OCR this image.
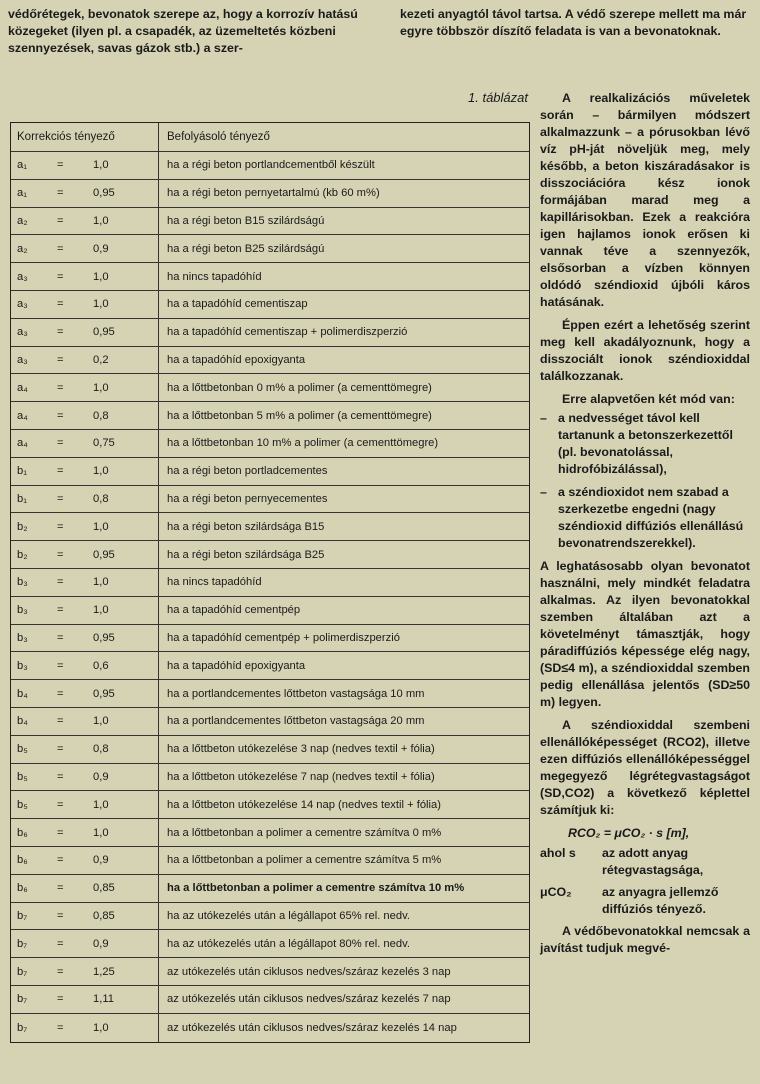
védőrétegek, bevonatok szerepe az, hogy a korrozív hatású közegeket (ilyen pl. a csapadék, az üzemeltetés közbeni szennyezések, savas gázok stb.) a szer-
kezeti anyagtól távol tartsa. A védő szerepe mellett ma már egyre többször díszítő feladata is van a bevonatoknak.
1. táblázat
Korrekciós tényező	Befolyásoló tényező
a₁	=	1,0	ha a régi beton portlandcementből készült
a₁	=	0,95	ha a régi beton pernyetartalmú (kb 60 m%)
a₂	=	1,0	ha a régi beton B15 szilárdságú
a₂	=	0,9	ha a régi beton B25 szilárdságú
a₃	=	1,0	ha nincs tapadóhíd
a₃	=	1,0	ha a tapadóhíd cementiszap
a₃	=	0,95	ha a tapadóhíd cementiszap + polimerdiszperzió
a₃	=	0,2	ha a tapadóhíd epoxigyanta
a₄	=	1,0	ha a lőttbetonban 0 m% a polimer (a cementtömegre)
a₄	=	0,8	ha a lőttbetonban 5 m% a polimer (a cementtömegre)
a₄	=	0,75	ha a lőttbetonban 10 m% a polimer (a cementtömegre)
b₁	=	1,0	ha a régi beton portladcementes
b₁	=	0,8	ha a régi beton pernyecementes
b₂	=	1,0	ha a régi beton szilárdsága B15
b₂	=	0,95	ha a régi beton szilárdsága B25
b₃	=	1,0	ha nincs tapadóhíd
b₃	=	1,0	ha a tapadóhíd cementpép
b₃	=	0,95	ha a tapadóhíd cementpép + polimerdiszperzió
b₃	=	0,6	ha a tapadóhíd epoxigyanta
b₄	=	0,95	ha a portlandcementes lőttbeton vastagsága 10 mm
b₄	=	1,0	ha a portlandcementes lőttbeton vastagsága 20 mm
b₅	=	0,8	ha a lőttbeton utókezelése 3 nap (nedves textil + fólia)
b₅	=	0,9	ha a lőttbeton utókezelése 7 nap (nedves textil + fólia)
b₅	=	1,0	ha a lőttbeton utókezelése 14 nap (nedves textil + fólia)
b₆	=	1,0	ha a lőttbetonban a polimer a cementre számítva 0 m%
b₆	=	0,9	ha a lőttbetonban a polimer a cementre számítva 5 m%
b₆	=	0,85	ha a lőttbetonban a polimer a cementre számítva 10 m%
b₇	=	0,85	ha az utókezelés után a légállapot 65% rel. nedv.
b₇	=	0,9	ha az utókezelés után a légállapot 80% rel. nedv.
b₇	=	1,25	az utókezelés után ciklusos nedves/száraz kezelés 3 nap
b₇	=	1,11	az utókezelés után ciklusos nedves/száraz kezelés 7 nap
b₇	=	1,0	az utókezelés után ciklusos nedves/száraz kezelés 14 nap

A realkalizációs műveletek során – bármilyen módszert alkalmazzunk – a pórusokban lévő víz pH-ját növeljük meg, mely később, a beton kiszáradásakor is disszociációra kész ionok formájában marad meg a kapillárisokban. Ezek a reakcióra igen hajlamos ionok erősen ki vannak téve a szennyezők, elsősorban a vízben könnyen oldódó széndioxid újbóli káros hatásának.

Éppen ezért a lehetőség szerint meg kell akadályoznunk, hogy a disszociált ionok széndioxiddal találkozzanak.

Erre alapvetően két mód van:

– a nedvességet távol kell tartanunk a betonszerkezettől (pl. bevonatolással, hidrofóbizálással),
– a széndioxidot nem szabad a szerkezetbe engedni (nagy széndioxid diffúziós ellenállású bevonatrendszerekkel).

A leghatásosabb olyan bevonatot használni, mely mindkét feladatra alkalmas. Az ilyen bevonatokkal szemben általában azt a követelményt támasztják, hogy páradiffúziós képessége elég nagy, (SD≤4 m), a széndioxiddal szemben pedig ellenállása jelentős (SD≥50 m) legyen.

A széndioxiddal szembeni ellenállóképességet (RCO2), illetve ezen diffúziós ellenállóképességgel megegyező légrétegvastagságot (SD,CO2) a következő képlettel számítjuk ki:

RCO₂ = μCO₂ · s [m],
ahol s	az adott anyag rétegvastagsága,
μCO₂	az anyagra jellemző diffúziós tényező.

A védőbevonatokkal nemcsak a javítást tudjuk megvé-
